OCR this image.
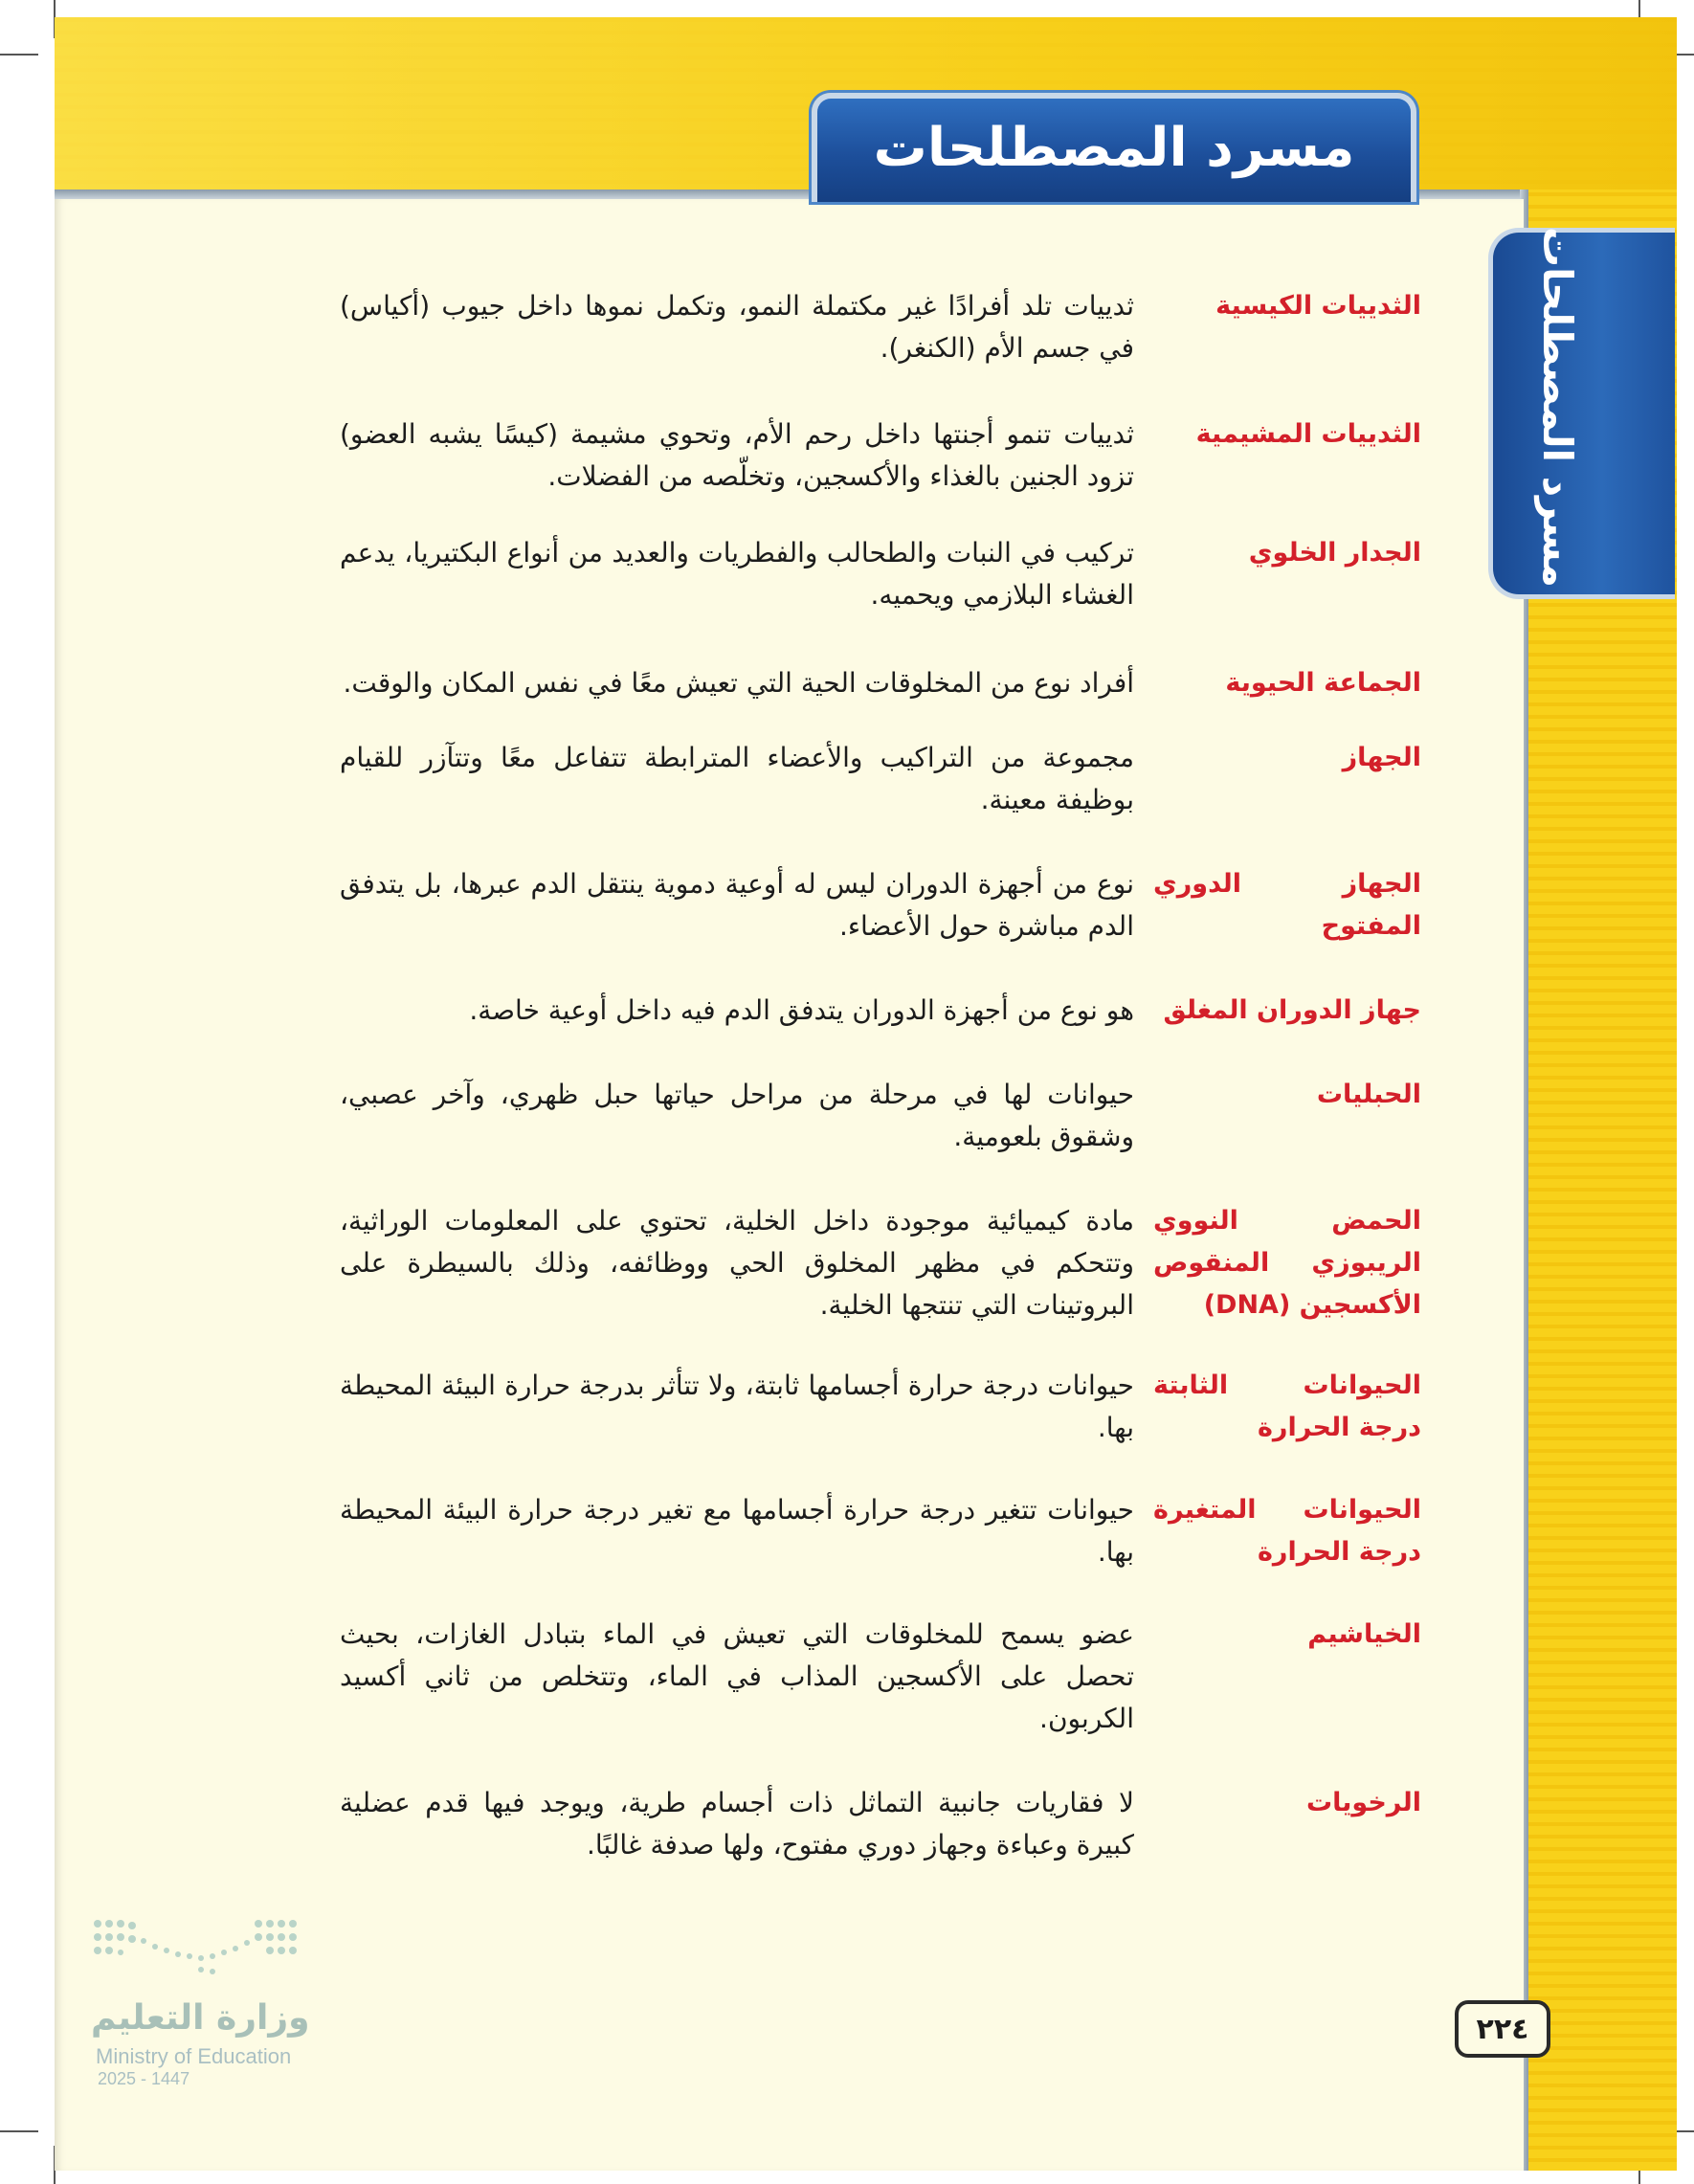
مسرد المصطلحات
مسرد المصطلحات
الثدييات الكيسية
ثدييات تلد أفرادًا غير مكتملة النمو، وتكمل نموها داخل جيوب (أكياس) في جسم الأم (الكنغر).
الثدييات المشيمية
ثدييات تنمو أجنتها داخل رحم الأم، وتحوي مشيمة (كيسًا يشبه العضو) تزود الجنين بالغذاء والأكسجين، وتخلّصه من الفضلات.
الجدار الخلوي
تركيب في النبات والطحالب والفطريات والعديد من أنواع البكتيريا، يدعم الغشاء البلازمي ويحميه.
الجماعة الحيوية
أفراد نوع من المخلوقات الحية التي تعيش معًا في نفس المكان والوقت.
الجهاز
مجموعة من التراكيب والأعضاء المترابطة تتفاعل معًا وتتآزر للقيام بوظيفة معينة.
الجهاز الدوري المفتوح
نوع من أجهزة الدوران ليس له أوعية دموية ينتقل الدم عبرها، بل يتدفق الدم مباشرة حول الأعضاء.
جهاز الدوران المغلق
هو نوع من أجهزة الدوران يتدفق الدم فيه داخل أوعية خاصة.
الحبليات
حيوانات لها في مرحلة من مراحل حياتها حبل ظهري، وآخر عصبي، وشقوق بلعومية.
الحمض النووي الريبوزي المنقوص الأكسجين (DNA)
مادة كيميائية موجودة داخل الخلية، تحتوي على المعلومات الوراثية، وتتحكم في مظهر المخلوق الحي ووظائفه، وذلك بالسيطرة على البروتينات التي تنتجها الخلية.
الحيوانات الثابتة درجة الحرارة
حيوانات درجة حرارة أجسامها ثابتة، ولا تتأثر بدرجة حرارة البيئة المحيطة بها.
الحيوانات المتغيرة درجة الحرارة
حيوانات تتغير درجة حرارة أجسامها مع تغير درجة حرارة البيئة المحيطة بها.
الخياشيم
عضو يسمح للمخلوقات التي تعيش في الماء بتبادل الغازات، بحيث تحصل على الأكسجين المذاب في الماء، وتتخلص من ثاني أكسيد الكربون.
الرخويات
لا فقاريات جانبية التماثل ذات أجسام طرية، ويوجد فيها قدم عضلية كبيرة وعباءة وجهاز دوري مفتوح، ولها صدفة غالبًا.
٢٢٤
وزارة التعليم
Ministry of Education
2025 - 1447
